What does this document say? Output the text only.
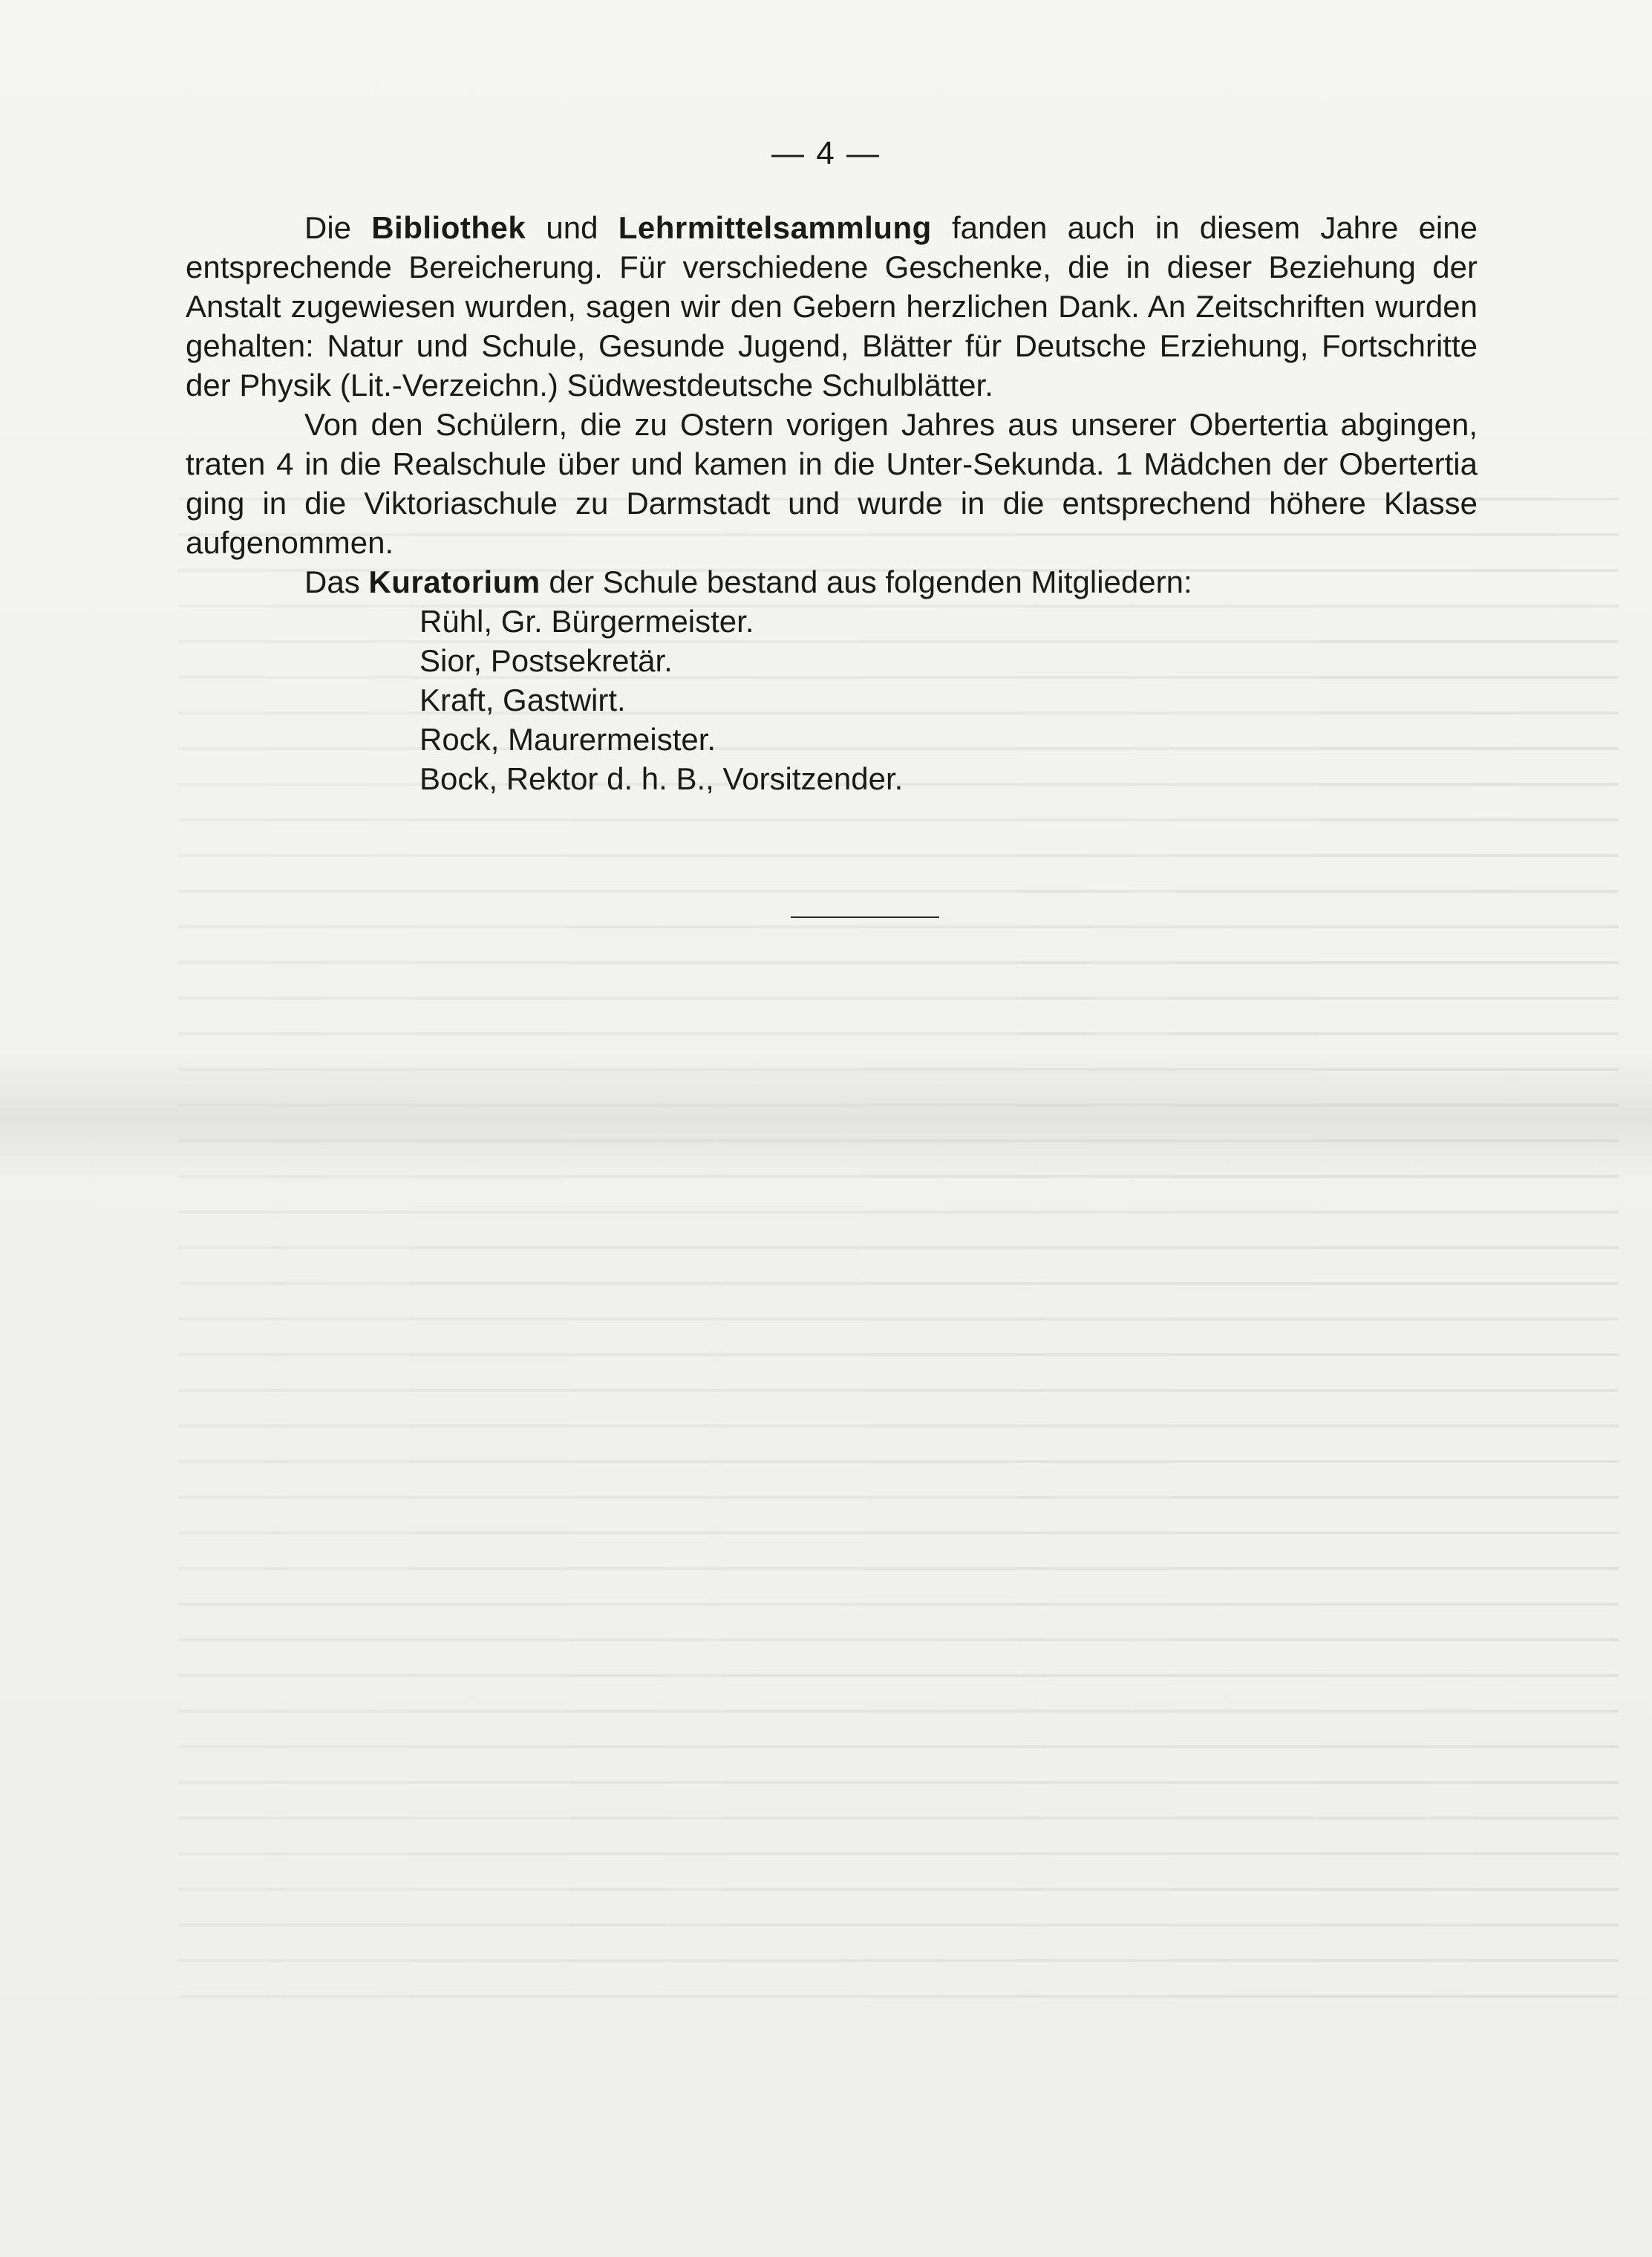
— 4 —

Die Bibliothek und Lehrmittelsammlung fanden auch in diesem Jahre eine entsprechende Bereicherung. Für verschiedene Geschenke, die in dieser Beziehung der Anstalt zugewiesen wurden, sagen wir den Gebern herzlichen Dank. An Zeitschriften wurden gehalten: Natur und Schule, Gesunde Jugend, Blätter für Deutsche Erziehung, Fortschritte der Physik (Lit.-Verzeichn.) Südwestdeutsche Schulblätter.

Von den Schülern, die zu Ostern vorigen Jahres aus unserer Obertertia abgingen, traten 4 in die Realschule über und kamen in die Unter-Sekunda. 1 Mädchen der Obertertia ging in die Viktoriaschule zu Darmstadt und wurde in die entsprechend höhere Klasse aufgenommen.

Das Kuratorium der Schule bestand aus folgenden Mitgliedern:

Rühl, Gr. Bürgermeister.
Sior, Postsekretär.
Kraft, Gastwirt.
Rock, Maurermeister.
Bock, Rektor d. h. B., Vorsitzender.
